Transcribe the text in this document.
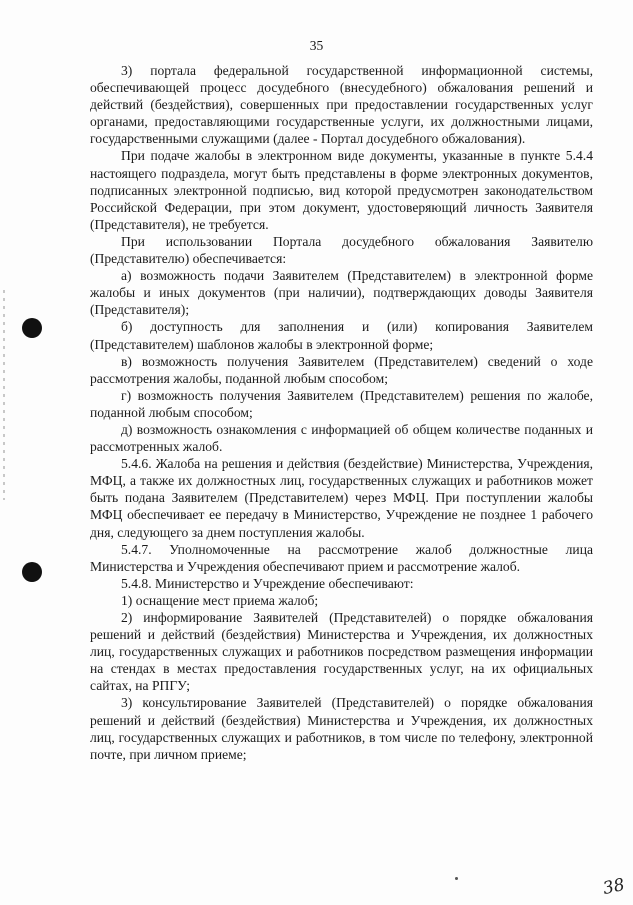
35

3) портала федеральной государственной информационной системы, обеспечивающей процесс досудебного (внесудебного) обжалования решений и действий (бездействия), совершенных при предоставлении государственных услуг органами, предоставляющими государственные услуги, их должностными лицами, государственными служащими (далее - Портал досудебного обжалования).

При подаче жалобы в электронном виде документы, указанные в пункте 5.4.4 настоящего подраздела, могут быть представлены в форме электронных документов, подписанных электронной подписью, вид которой предусмотрен законодательством Российской Федерации, при этом документ, удостоверяющий личность Заявителя (Представителя), не требуется.

При использовании Портала досудебного обжалования Заявителю (Представителю) обеспечивается:

а) возможность подачи Заявителем (Представителем) в электронной форме жалобы и иных документов (при наличии), подтверждающих доводы Заявителя (Представителя);

б) доступность для заполнения и (или) копирования Заявителем (Представителем) шаблонов жалобы в электронной форме;

в) возможность получения Заявителем (Представителем) сведений о ходе рассмотрения жалобы, поданной любым способом;

г) возможность получения Заявителем (Представителем) решения по жалобе, поданной любым способом;

д) возможность ознакомления с информацией об общем количестве поданных и рассмотренных жалоб.

5.4.6. Жалоба на решения и действия (бездействие) Министерства, Учреждения, МФЦ, а также их должностных лиц, государственных служащих и работников может быть подана Заявителем (Представителем) через МФЦ. При поступлении жалобы МФЦ обеспечивает ее передачу в Министерство, Учреждение не позднее 1 рабочего дня, следующего за днем поступления жалобы.

5.4.7. Уполномоченные на рассмотрение жалоб должностные лица Министерства и Учреждения обеспечивают прием и рассмотрение жалоб.

5.4.8. Министерство и Учреждение обеспечивают:

1) оснащение мест приема жалоб;

2) информирование Заявителей (Представителей) о порядке обжалования решений и действий (бездействия) Министерства и Учреждения, их должностных лиц, государственных служащих и работников посредством размещения информации на стендах в местах предоставления государственных услуг, на их официальных сайтах, на РПГУ;

3) консультирование Заявителей (Представителей) о порядке обжалования решений и действий (бездействия) Министерства и Учреждения, их должностных лиц, государственных служащих и работников, в том числе по телефону, электронной почте, при личном приеме;

38
